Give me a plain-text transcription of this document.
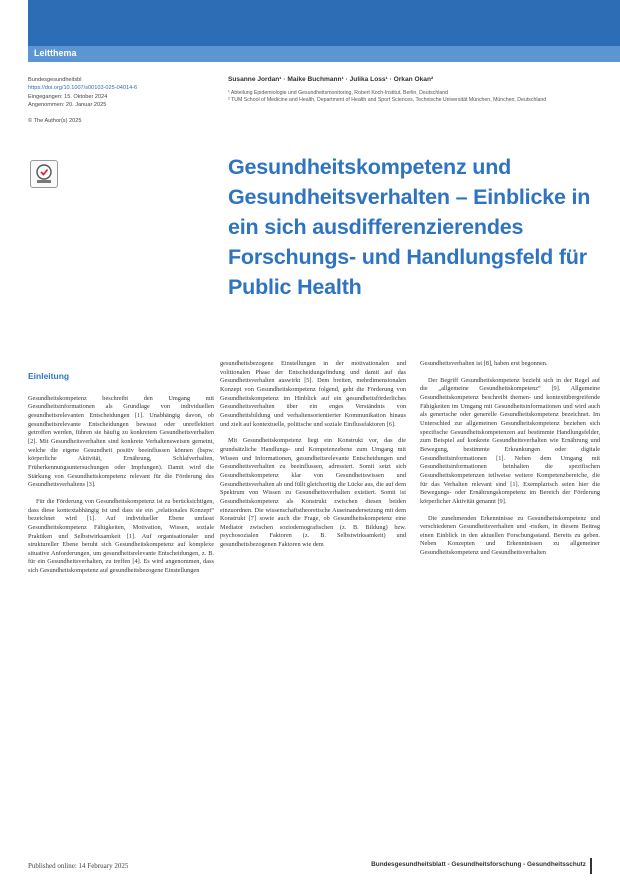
Leitthema
Bundesgesundheitsbl
https://doi.org/10.1007/s00103-025-04014-6
Eingegangen: 15. Oktober 2024
Angenommen: 20. Januar 2025
© The Author(s) 2025
Susanne Jordan¹ · Maike Buchmann¹ · Julika Loss¹ · Orkan Okan²
¹ Abteilung Epidemiologie und Gesundheitsmonitoring, Robert Koch-Institut, Berlin, Deutschland
² TUM School of Medicine and Health, Department of Health and Sport Sciences, Technische Universität München, München, Deutschland
Gesundheitskompetenz und Gesundheitsverhalten – Einblicke in ein sich ausdifferenzierendes Forschungs- und Handlungsfeld für Public Health
Einleitung

Gesundheitskompetenz beschreibt den Umgang mit Gesundheitsinformationen als Grundlage von individuellen gesundheitsrelevanten Entscheidungen [1]. Unabhängig davon, ob gesundheitsrelevante Entscheidungen bewusst oder unreflektiert getroffen werden, führen sie häufig zu konkretem Gesundheitsverhalten [2]. Mit Gesundheitsverhalten sind konkrete Verhaltensweisen gemeint, welche die eigene Gesundheit positiv beeinflussen können (bspw. körperliche Aktivität, Ernährung, Schlafverhalten, Früherkennungsuntersuchungen oder Impfungen). Damit wird die Stärkung von Gesundheitskompetenz relevant für die Förderung des Gesundheitsverhaltens [3].

Für die Förderung von Gesundheitskompetenz ist zu berücksichtigen, dass diese kontextabhängig ist und dass sie ein „relationales Konzept“ bezeichnet wird [1]. Auf individueller Ebene umfasst Gesundheitskompetenz Fähigkeiten, Motivation, Wissen, soziale Praktiken und Selbstwirksamkeit [1]. Auf organisationaler und struktureller Ebene beruht sich Gesundheitskompetenz auf komplexe situative Anforderungen, um gesundheitsrelevante Entscheidungen, z. B. für ein Gesundheitsverhalten, zu treffen [4]. Es wird angenommen, dass sich Gesundheitskompetenz auf gesundheitsbezogene Einstellungen

gesundheitsbezogene Einstellungen in der motivationalen und volitionalen Phase der Entscheidungsfindung und damit auf das Gesundheitsverhalten auswirkt [5]. Dem breiten, mehrdimensionalen Konzept von Gesundheitskompetenz folgend, geht die Förderung von Gesundheitskompetenz im Hinblick auf ein gesundheitsförderliches Gesundheitsverhalten über ein enges Verständnis von Gesundheitsbildung und verhaltensorientierter Kommunikation hinaus und zielt auf kontextuelle, politische und soziale Einflussfaktoren [6].

Mit Gesundheitskompetenz liegt ein Konstrukt vor, das die grundsätzliche Handlungs- und Kompetenzebene zum Umgang mit Wissen und Informationen, gesundheitsrelevante Entscheidungen und Gesundheitsverhalten zu beeinflussen, adressiert. Somit setzt sich Gesundheitskompetenz klar von Gesundheitswissen und Gesundheitsverhalten ab und füllt gleichzeitig die Lücke aus, die auf dem Spektrum von Wissen zu Gesundheitsverhalten existiert. Somit ist Gesundheitskompetenz als Konstrukt zwischen diesen beiden einzuordnen. Die wissenschaftstheoretische Auseinandersetzung mit dem Konstrukt [7] sowie auch die Frage, ob Gesundheitskompetenz eine Mediator zwischen soziodemografischen (z. B. Bildung) bzw. psychosozialen Faktoren (z. B. Selbstwirksamkeit) und gesundheitsbezogenen Faktoren wie dem

Gesundheitsverhalten ist [8], haben erst begonnen.

Der Begriff Gesundheitskompetenz bezieht sich in der Regel auf die „allgemeine Gesundheitskompetenz“ [9]. Allgemeine Gesundheitskompetenz beschreibt themen- und kontextübergreifende Fähigkeiten im Umgang mit Gesundheitsinformationen und wird auch als generische oder generelle Gesundheitskompetenz bezeichnet. Im Unterschied zur allgemeinen Gesundheitskompetenz beziehen sich spezifische Gesundheitskompetenzen auf bestimmte Handlungsfelder, zum Beispiel auf konkrete Gesundheitsverhalten wie Ernährung und Bewegung, bestimmte Erkrankungen oder digitale Gesundheitsinformationen [1]. Neben dem Umgang mit Gesundheitsinformationen beinhalten die spezifischen Gesundheitskompetenzen teilweise weitere Kompetenzbereiche, die für das Verhalten relevant sind [1]. Exemplarisch seien hier die Bewegungs- oder Ernährungskompetenz im Bereich der Förderung körperlicher Aktivität genannt [9].

Die zunehmenden Erkenntnisse zu Gesundheitskompetenz und verschiedenen Gesundheitsverhalten und -risiken, in diesem Beitrag einen Einblick in den aktuellen Forschungsstand. Bereits zu geben. Neben Konzepten und Erkenntnissen zu allgemeiner Gesundheitskompetenz und Gesundheitsverhalten

Published online: 14 February 2025	Bundesgesundheitsblatt - Gesundheitsforschung - Gesundheitsschutz
